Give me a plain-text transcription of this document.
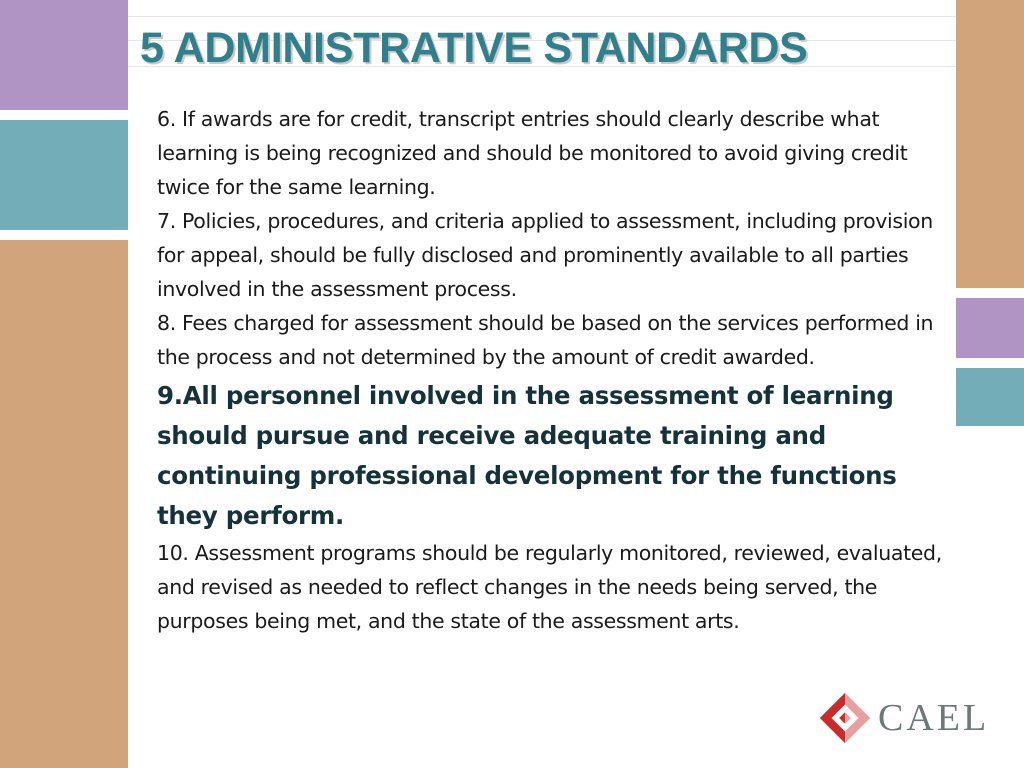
5 ADMINISTRATIVE STANDARDS

6. If awards are for credit, transcript entries should clearly describe what learning is being recognized and should be monitored to avoid giving credit twice for the same learning.

7. Policies, procedures, and criteria applied to assessment, including provision for appeal, should be fully disclosed and prominently available to all parties involved in the assessment process.

8. Fees charged for assessment should be based on the services performed in the process and not determined by the amount of credit awarded.

9.All personnel involved in the assessment of learning should pursue and receive adequate training and continuing professional development for the functions they perform.

10. Assessment programs should be regularly monitored, reviewed, evaluated, and revised as needed to reflect changes in the needs being served, the purposes being met, and the state of the assessment arts.

CAEL
